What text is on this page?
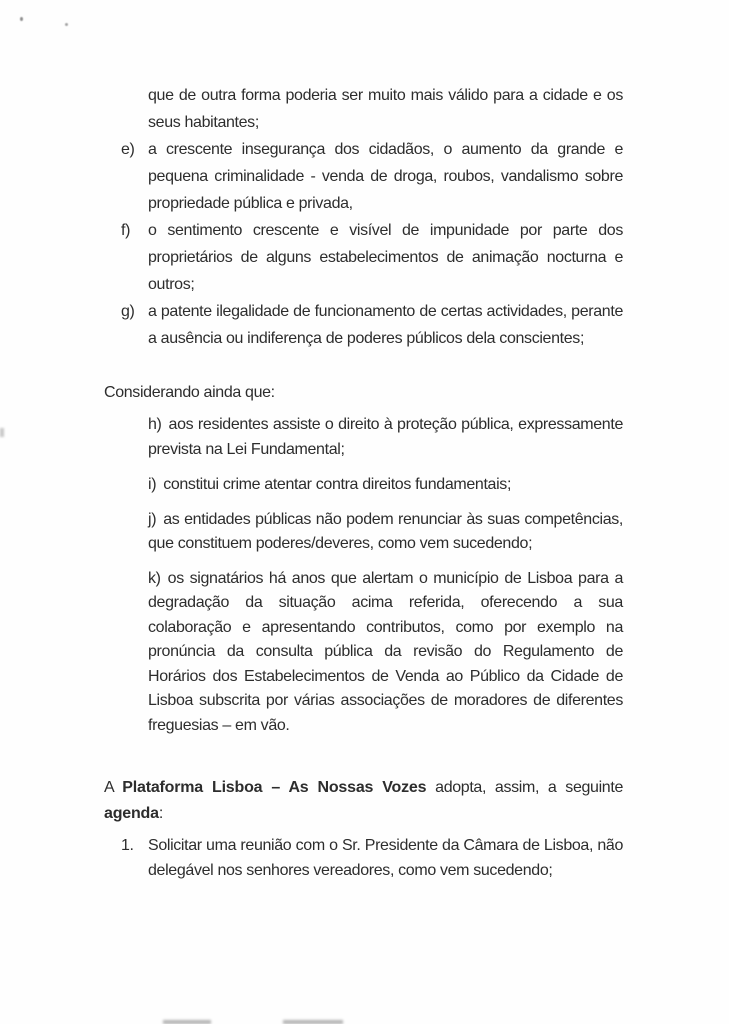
que de outra forma poderia ser muito mais válido para a cidade e os seus habitantes;

e) a crescente insegurança dos cidadãos, o aumento da grande e pequena criminalidade - venda de droga, roubos, vandalismo sobre propriedade pública e privada,
f)	o sentimento crescente e visível de impunidade por parte dos proprietários de alguns estabelecimentos de animação nocturna e outros;
g) a patente ilegalidade de funcionamento de certas actividades, perante a ausência ou indiferença de poderes públicos dela conscientes;

Considerando ainda que:

h) aos residentes assiste o direito à proteção pública, expressamente prevista na Lei Fundamental;

i) constitui crime atentar contra direitos fundamentais;

j) as entidades públicas não podem renunciar às suas competências, que constituem poderes/deveres, como vem sucedendo;

k) os signatários há anos que alertam o município de Lisboa para a degradação da situação acima referida, oferecendo a sua colaboração e apresentando contributos, como por exemplo na pronúncia da consulta pública da revisão do Regulamento de Horários dos Estabelecimentos de Venda ao Público da Cidade de Lisboa subscrita por várias associações de moradores de diferentes freguesias – em vão.

A Plataforma Lisboa – As Nossas Vozes adopta, assim, a seguinte agenda:

1. Solicitar uma reunião com o Sr. Presidente da Câmara de Lisboa, não delegável nos senhores vereadores, como vem sucedendo;
